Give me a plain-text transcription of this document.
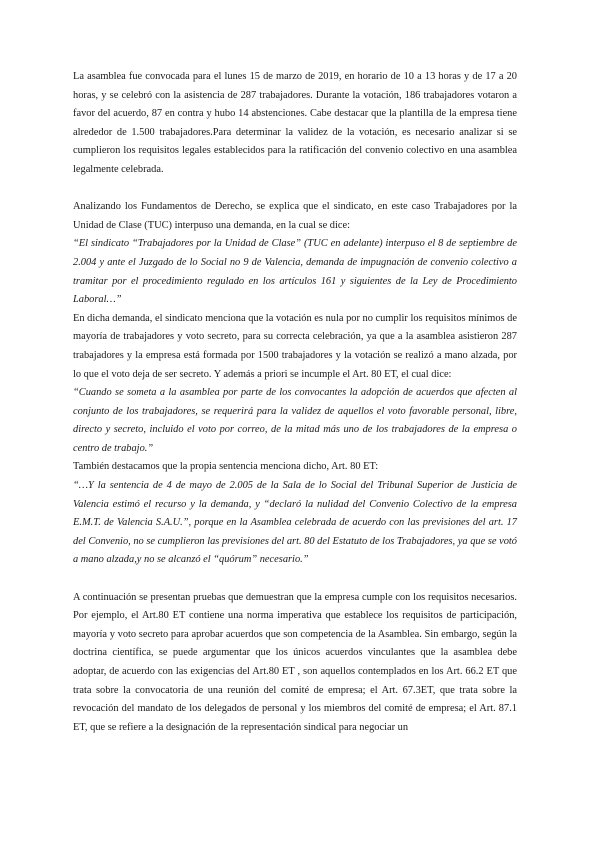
La asamblea fue convocada para el lunes 15 de marzo de 2019, en horario de 10 a 13 horas y de 17 a 20 horas, y se celebró con la asistencia de 287 trabajadores. Durante la votación, 186 trabajadores votaron a favor del acuerdo, 87 en contra y hubo 14 abstenciones. Cabe destacar que la plantilla de la empresa tiene alrededor de 1.500 trabajadores.Para determinar la validez de la votación, es necesario analizar si se cumplieron los requisitos legales establecidos para la ratificación del convenio colectivo en una asamblea legalmente celebrada.

Analizando los Fundamentos de Derecho, se explica que el sindicato, en este caso Trabajadores por la Unidad de Clase (TUC) interpuso una demanda, en la cual se dice:

“El sindicato “Trabajadores por la Unidad de Clase” (TUC en adelante) interpuso el 8 de septiembre de 2.004 y ante el Juzgado de lo Social no 9 de Valencia, demanda de impugnación de convenio colectivo a tramitar por el procedimiento regulado en los artículos 161 y siguientes de la Ley de Procedimiento Laboral…”

En dicha demanda, el sindicato menciona que la votación es nula por no cumplir los requisitos mínimos de mayoría de trabajadores y voto secreto, para su correcta celebración, ya que a la asamblea asistieron 287 trabajadores y la empresa está formada por 1500 trabajadores y la votación se realizó a mano alzada, por lo que el voto deja de ser secreto. Y además a priori se incumple el Art. 80 ET, el cual dice:

“Cuando se someta a la asamblea por parte de los convocantes la adopción de acuerdos que afecten al conjunto de los trabajadores, se requerirá para la validez de aquellos el voto favorable personal, libre, directo y secreto, incluido el voto por correo, de la mitad más uno de los trabajadores de la empresa o centro de trabajo.”

También destacamos que la propia sentencia menciona dicho, Art. 80 ET:

“…Y la sentencia de 4 de mayo de 2.005 de la Sala de lo Social del Tribunal Superior de Justicia de Valencia estimó el recurso y la demanda, y “declaró la nulidad del Convenio Colectivo de la empresa E.M.T. de Valencia S.A.U.”, porque en la Asamblea celebrada de acuerdo con las previsiones del art. 17 del Convenio, no se cumplieron las previsiones del art. 80 del Estatuto de los Trabajadores, ya que se votó a mano alzada,y no se alcanzó el “quórum” necesario.”

A continuación se presentan pruebas que demuestran que la empresa cumple con los requisitos necesarios. Por ejemplo, el Art.80 ET contiene una norma imperativa que establece los requisitos de participación, mayoría y voto secreto para aprobar acuerdos que son competencia de la Asamblea. Sin embargo, según la doctrina científica, se puede argumentar que los únicos acuerdos vinculantes que la asamblea debe adoptar, de acuerdo con las exigencias del Art.80 ET , son aquellos contemplados en los Art. 66.2 ET que trata sobre la convocatoria de una reunión del comité de empresa; el Art. 67.3ET, que trata sobre la revocación del mandato de los delegados de personal y los miembros del comité de empresa; el Art. 87.1 ET, que se refiere a la designación de la representación sindical para negociar un
